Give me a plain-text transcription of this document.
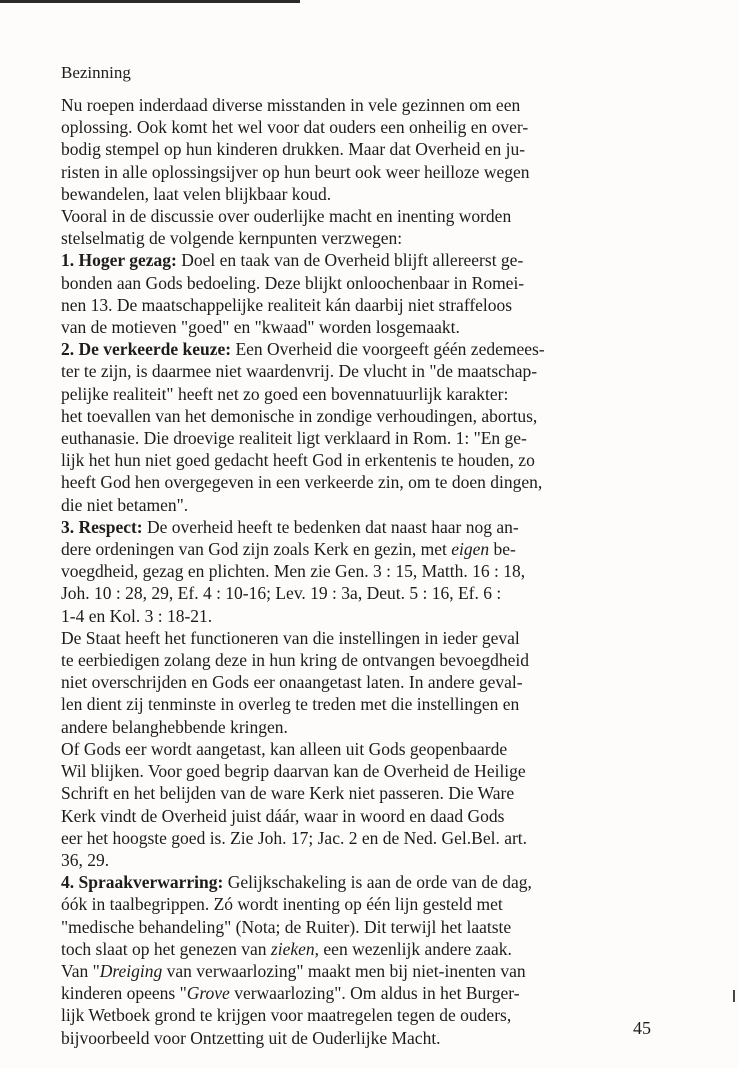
Bezinning
Nu roepen inderdaad diverse misstanden in vele gezinnen om een
oplossing. Ook komt het wel voor dat ouders een onheilig en over-
bodig stempel op hun kinderen drukken. Maar dat Overheid en ju-
risten in alle oplossingsijver op hun beurt ook weer heilloze wegen
bewandelen, laat velen blijkbaar koud.
Vooral in de discussie over ouderlijke macht en inenting worden
stelselmatig de volgende kernpunten verzwegen:
1. Hoger gezag: Doel en taak van de Overheid blijft allereerst ge-
bonden aan Gods bedoeling. Deze blijkt onloochenbaar in Romei-
nen 13. De maatschappelijke realiteit kán daarbij niet straffeloos
van de motieven "goed" en "kwaad" worden losgemaakt.
2. De verkeerde keuze: Een Overheid die voorgeeft géén zedemees-
ter te zijn, is daarmee niet waardenvrij. De vlucht in "de maatschap-
pelijke realiteit" heeft net zo goed een bovennatuurlijk karakter:
het toevallen van het demonische in zondige verhoudingen, abortus,
euthanasie. Die droevige realiteit ligt verklaard in Rom. 1: "En ge-
lijk het hun niet goed gedacht heeft God in erkentenis te houden, zo
heeft God hen overgegeven in een verkeerde zin, om te doen dingen,
die niet betamen".
3. Respect: De overheid heeft te bedenken dat naast haar nog an-
dere ordeningen van God zijn zoals Kerk en gezin, met eigen be-
voegdheid, gezag en plichten. Men zie Gen. 3 : 15, Matth. 16 : 18,
Joh. 10 : 28, 29, Ef. 4 : 10-16; Lev. 19 : 3a, Deut. 5 : 16, Ef. 6 :
1-4 en Kol. 3 : 18-21.
De Staat heeft het functioneren van die instellingen in ieder geval
te eerbiedigen zolang deze in hun kring de ontvangen bevoegdheid
niet overschrijden en Gods eer onaangetast laten. In andere geval-
len dient zij tenminste in overleg te treden met die instellingen en
andere belanghebbende kringen.
Of Gods eer wordt aangetast, kan alleen uit Gods geopenbaarde
Wil blijken. Voor goed begrip daarvan kan de Overheid de Heilige
Schrift en het belijden van de ware Kerk niet passeren. Die Ware
Kerk vindt de Overheid juist dáár, waar in woord en daad Gods
eer het hoogste goed is. Zie Joh. 17; Jac. 2 en de Ned. Gel.Bel. art.
36, 29.
4. Spraakverwarring: Gelijkschakeling is aan de orde van de dag,
óók in taalbegrippen. Zó wordt inenting op één lijn gesteld met
"medische behandeling" (Nota; de Ruiter). Dit terwijl het laatste
toch slaat op het genezen van zieken, een wezenlijk andere zaak.
Van "Dreiging van verwaarlozing" maakt men bij niet-inenten van
kinderen opeens "Grove verwaarlozing". Om aldus in het Burger-
lijk Wetboek grond te krijgen voor maatregelen tegen de ouders,
bijvoorbeeld voor Ontzetting uit de Ouderlijke Macht.	45
